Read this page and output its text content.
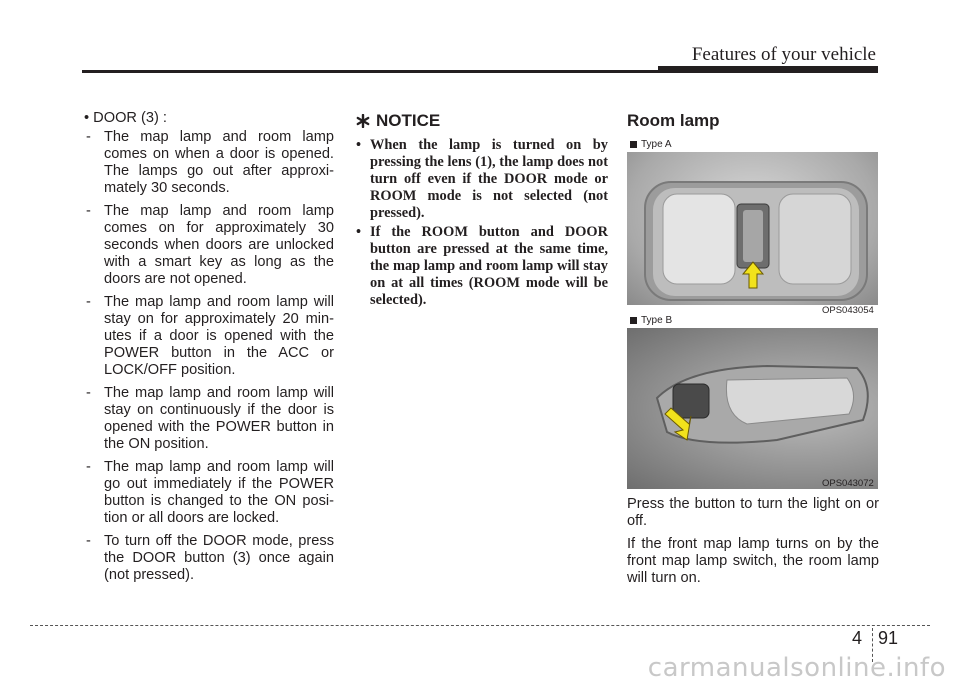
Features of your vehicle
• DOOR (3) :
- The map lamp and room lamp comes on when a door is opened. The lamps go out after approxi-mately 30 seconds.
- The map lamp and room lamp comes on for approximately 30 seconds when doors are unlocked with a smart key as long as the doors are not opened.
- The map lamp and room lamp will stay on for approximately 20 min-utes if a door is opened with the POWER button in the ACC or LOCK/OFF position.
- The map lamp and room lamp will stay on continuously if the door is opened with the POWER button in the ON position.
- The map lamp and room lamp will go out immediately if the POWER button is changed to the ON posi-tion or all doors are locked.
- To turn off the DOOR mode, press the DOOR button (3) once again (not pressed).
NOTICE
• When the lamp is turned on by pressing the lens (1), the lamp does not turn off even if the DOOR mode or ROOM mode is not selected (not pressed).
• If the ROOM button and DOOR button are pressed at the same time, the map lamp and room lamp will stay on at all times (ROOM mode will be selected).
Room lamp
Type A
OPS043054
Type B
OPS043072
Press the button to turn the light on or off.
If the front map lamp turns on by the front map lamp switch, the room lamp will turn on.
4 91
carmanualsonline.info
